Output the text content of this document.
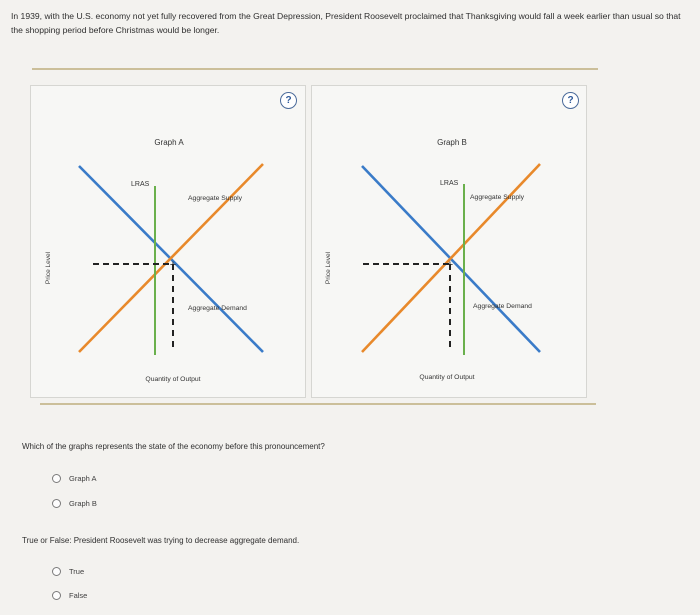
In 1939, with the U.S. economy not yet fully recovered from the Great Depression, President Roosevelt proclaimed that Thanksgiving would fall a week earlier than usual so that the shopping period before Christmas would be longer.
Graph A
Price Level	+
LRAS
Aggregate Supply
Aggregate Demand
Quantity of Output
?
Graph B
Price Level	+
LRAS
Aggregate Supply
Aggregate Demand
Quantity of Output
?
Which of the graphs represents the state of the economy before this pronouncement?
Graph A
Graph B
True or False: President Roosevelt was trying to decrease aggregate demand.
True
False
